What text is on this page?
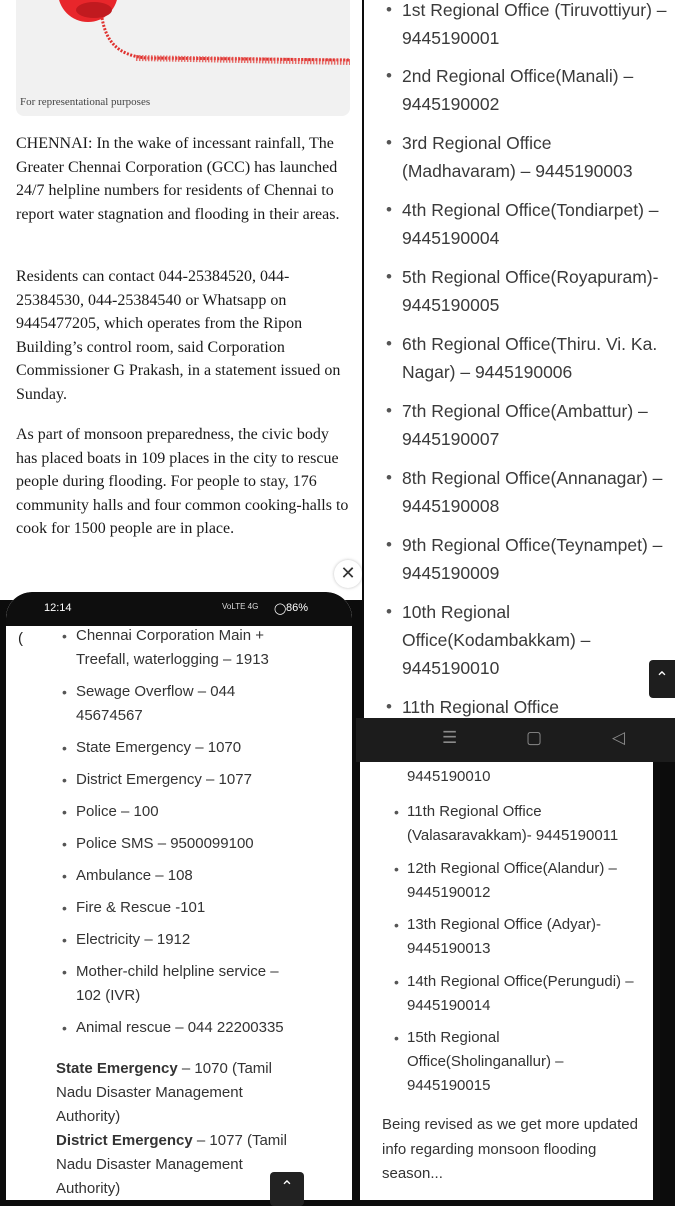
For representational purposes

CHENNAI: In the wake of incessant rainfall, The Greater Chennai Corporation (GCC) has launched 24/7 helpline numbers for residents of Chennai to report water stagnation and flooding in their areas.

Residents can contact 044-25384520, 044-25384530, 044-25384540 or Whatsapp on 9445477205, which operates from the Ripon Building’s control room, said Corporation Commissioner G Prakash, in a statement issued on Sunday.

As part of monsoon preparedness, the civic body has placed boats in 109 places in the city to rescue people during flooding. For people to stay, 176 community halls and four common cooking-halls to cook for 1500 people are in place.

✕
• 1st Regional Office (Tiruvottiyur) – 9445190001
• 2nd Regional Office(Manali) – 9445190002
• 3rd Regional Office (Madhavaram) – 9445190003
• 4th Regional Office(Tondiarpet) – 9445190004
• 5th Regional Office(Royapuram)- 9445190005
• 6th Regional Office(Thiru. Vi. Ka. Nagar) – 9445190006
• 7th Regional Office(Ambattur) – 9445190007
• 8th Regional Office(Annanagar) – 9445190008
• 9th Regional Office(Teynampet) – 9445190009
• 10th Regional Office(Kodambakkam) – 9445190010
• 11th Regional Office
⌃
☰	▢	◁
9445190010
• 11th Regional Office (Valasaravakkam)- 9445190011
• 12th Regional Office(Alandur) – 9445190012
• 13th Regional Office (Adyar)- 9445190013
• 14th Regional Office(Perungudi) – 9445190014
• 15th Regional Office(Sholinganallur) – 9445190015
Being revised as we get more updated info regarding monsoon flooding season...
12:14	VoLTE 4G ◯ 86%
(	• Chennai Corporation Main + Treefall, waterlogging – 1913
• Sewage Overflow – 044 45674567
• State Emergency – 1070
• District Emergency – 1077
• Police – 100
• Police SMS – 9500099100
• Ambulance – 108
• Fire & Rescue -101
• Electricity – 1912
• Mother-child helpline service – 102 (IVR)
• Animal rescue – 044 22200335
State Emergency – 1070 (Tamil Nadu Disaster Management Authority)
District Emergency – 1077 (Tamil Nadu Disaster Management Authority)	⌃
